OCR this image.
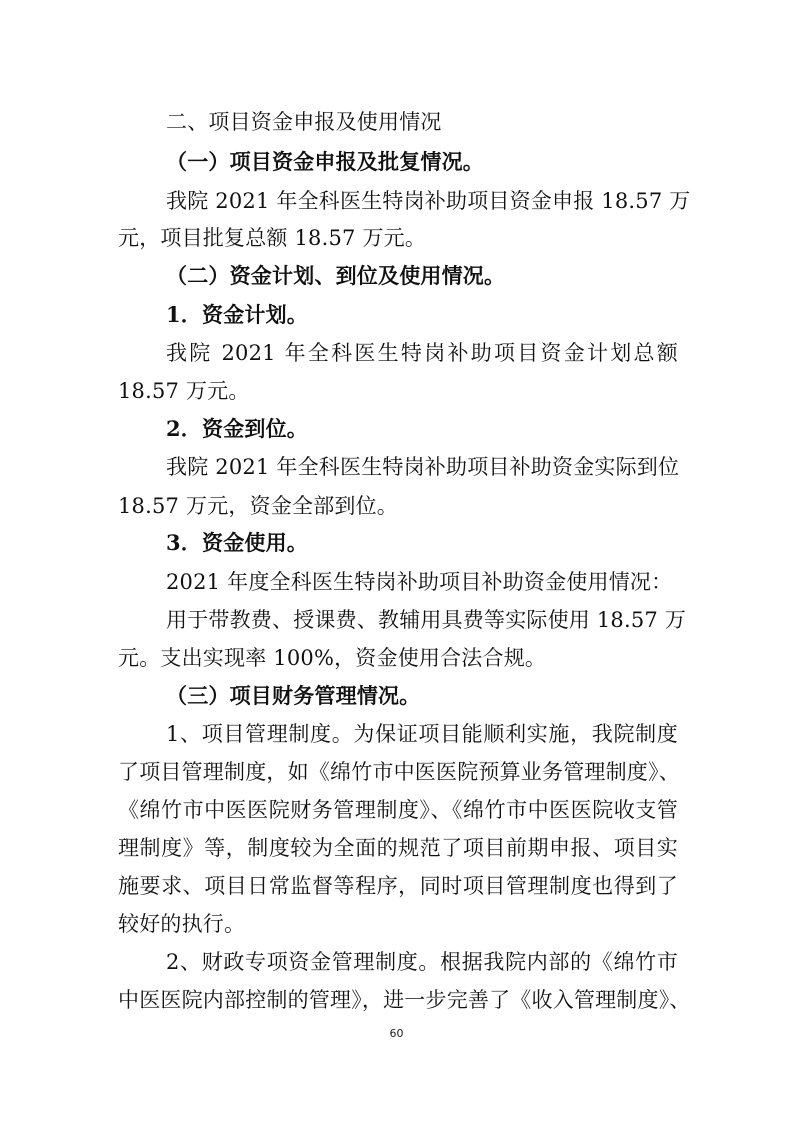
二、项目资金申报及使用情况
（一）项目资金申报及批复情况。
我院 2021 年全科医生特岗补助项目资金申报 18.57 万
元，项目批复总额 18.57 万元。
（二）资金计划、到位及使用情况。
1．资金计划。
我院 2021 年全科医生特岗补助项目资金计划总额
18.57 万元。
2．资金到位。
我院 2021 年全科医生特岗补助项目补助资金实际到位
18.57 万元，资金全部到位。
3．资金使用。
2021 年度全科医生特岗补助项目补助资金使用情况：
用于带教费、授课费、教辅用具费等实际使用 18.57 万
元。支出实现率 100%，资金使用合法合规。
（三）项目财务管理情况。
1、项目管理制度。为保证项目能顺利实施，我院制度
了项目管理制度，如《绵竹市中医医院预算业务管理制度》、
《绵竹市中医医院财务管理制度》、《绵竹市中医医院收支管
理制度》等，制度较为全面的规范了项目前期申报、项目实
施要求、项目日常监督等程序，同时项目管理制度也得到了
较好的执行。
2、财政专项资金管理制度。根据我院内部的《绵竹市
中医医院内部控制的管理》，进一步完善了《收入管理制度》、
60
